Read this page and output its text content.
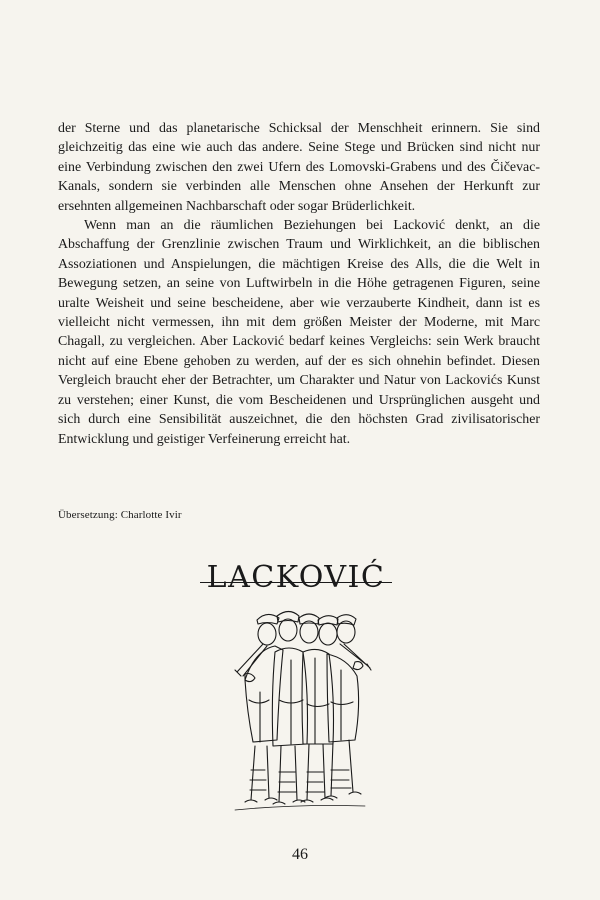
der Sterne und das planetarische Schicksal der Menschheit erinnern. Sie sind gleichzeitig das eine wie auch das andere. Seine Stege und Brücken sind nicht nur eine Verbindung zwischen den zwei Ufern des Lomovski-Grabens und des Čičevac-Kanals, sondern sie verbinden alle Menschen ohne Ansehen der Herkunft zur ersehnten allgemeinen Nachbarschaft oder sogar Brüderlichkeit.

Wenn man an die räumlichen Beziehungen bei Lacković denkt, an die Abschaffung der Grenzlinie zwischen Traum und Wirklichkeit, an die biblischen Assoziationen und Anspielungen, die mächtigen Kreise des Alls, die die Welt in Bewegung setzen, an seine von Luftwirbeln in die Höhe getragenen Figuren, seine uralte Weisheit und seine bescheidene, aber wie verzauberte Kindheit, dann ist es vielleicht nicht vermessen, ihn mit dem größen Meister der Moderne, mit Marc Chagall, zu vergleichen. Aber Lacković bedarf keines Vergleichs: sein Werk braucht nicht auf eine Ebene gehoben zu werden, auf der es sich ohnehin befindet. Diesen Vergleich braucht eher der Betrachter, um Charakter und Natur von Lackovićs Kunst zu verstehen; einer Kunst, die vom Bescheidenen und Ursprünglichen ausgeht und sich durch eine Sensibilität auszeichnet, die den höchsten Grad zivilisatorischer Entwicklung und geistiger Verfeinerung erreicht hat.

Übersetzung: Charlotte Ivir
LACKOVIĆ
46
